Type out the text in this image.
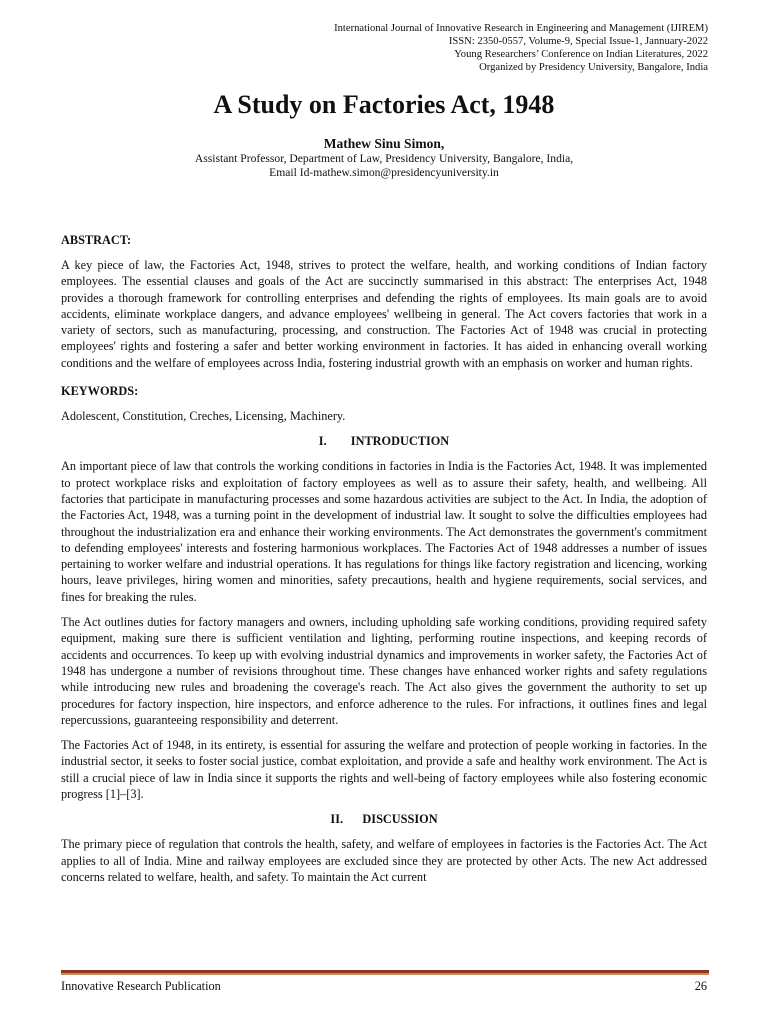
International Journal of Innovative Research in Engineering and Management (IJIREM)
ISSN: 2350-0557, Volume-9, Special Issue-1, Jannuary-2022
Young Researchers’ Conference on Indian Literatures, 2022
Organized by Presidency University, Bangalore, India
A Study on Factories Act, 1948
Mathew Sinu Simon,
Assistant Professor, Department of Law, Presidency University, Bangalore, India,
Email Id-mathew.simon@presidencyuniversity.in
ABSTRACT:

A key piece of law, the Factories Act, 1948, strives to protect the welfare, health, and working conditions of Indian factory employees. The essential clauses and goals of the Act are succinctly summarised in this abstract: The enterprises Act, 1948 provides a thorough framework for controlling enterprises and defending the rights of employees. Its main goals are to avoid accidents, eliminate workplace dangers, and advance employees' wellbeing in general. The Act covers factories that work in a variety of sectors, such as manufacturing, processing, and construction. The Factories Act of 1948 was crucial in protecting employees' rights and fostering a safer and better working environment in factories. It has aided in enhancing overall working conditions and the welfare of employees across India, fostering industrial growth with an emphasis on worker and human rights.

KEYWORDS:

Adolescent, Constitution, Creches, Licensing, Machinery.

I. INTRODUCTION

An important piece of law that controls the working conditions in factories in India is the Factories Act, 1948. It was implemented to protect workplace risks and exploitation of factory employees as well as to assure their safety, health, and wellbeing. All factories that participate in manufacturing processes and some hazardous activities are subject to the Act. In India, the adoption of the Factories Act, 1948, was a turning point in the development of industrial law. It sought to solve the difficulties employees had throughout the industrialization era and enhance their working environments. The Act demonstrates the government's commitment to defending employees' interests and fostering harmonious workplaces. The Factories Act of 1948 addresses a number of issues pertaining to worker welfare and industrial operations. It has regulations for things like factory registration and licencing, working hours, leave privileges, hiring women and minorities, safety precautions, health and hygiene requirements, social services, and fines for breaking the rules.

The Act outlines duties for factory managers and owners, including upholding safe working conditions, providing required safety equipment, making sure there is sufficient ventilation and lighting, performing routine inspections, and keeping records of accidents and occurrences. To keep up with evolving industrial dynamics and improvements in worker safety, the Factories Act of 1948 has undergone a number of revisions throughout time. These changes have enhanced worker rights and safety regulations while introducing new rules and broadening the coverage's reach. The Act also gives the government the authority to set up procedures for factory inspection, hire inspectors, and enforce adherence to the rules. For infractions, it outlines fines and legal repercussions, guaranteeing responsibility and deterrent.

The Factories Act of 1948, in its entirety, is essential for assuring the welfare and protection of people working in factories. In the industrial sector, it seeks to foster social justice, combat exploitation, and provide a safe and healthy work environment. The Act is still a crucial piece of law in India since it supports the rights and well-being of factory employees while also fostering economic progress [1]–[3].

II. DISCUSSION

The primary piece of regulation that controls the health, safety, and welfare of employees in factories is the Factories Act. The Act applies to all of India. Mine and railway employees are excluded since they are protected by other Acts. The new Act addressed concerns related to welfare, health, and safety. To maintain the Act current

Innovative Research Publication	26
